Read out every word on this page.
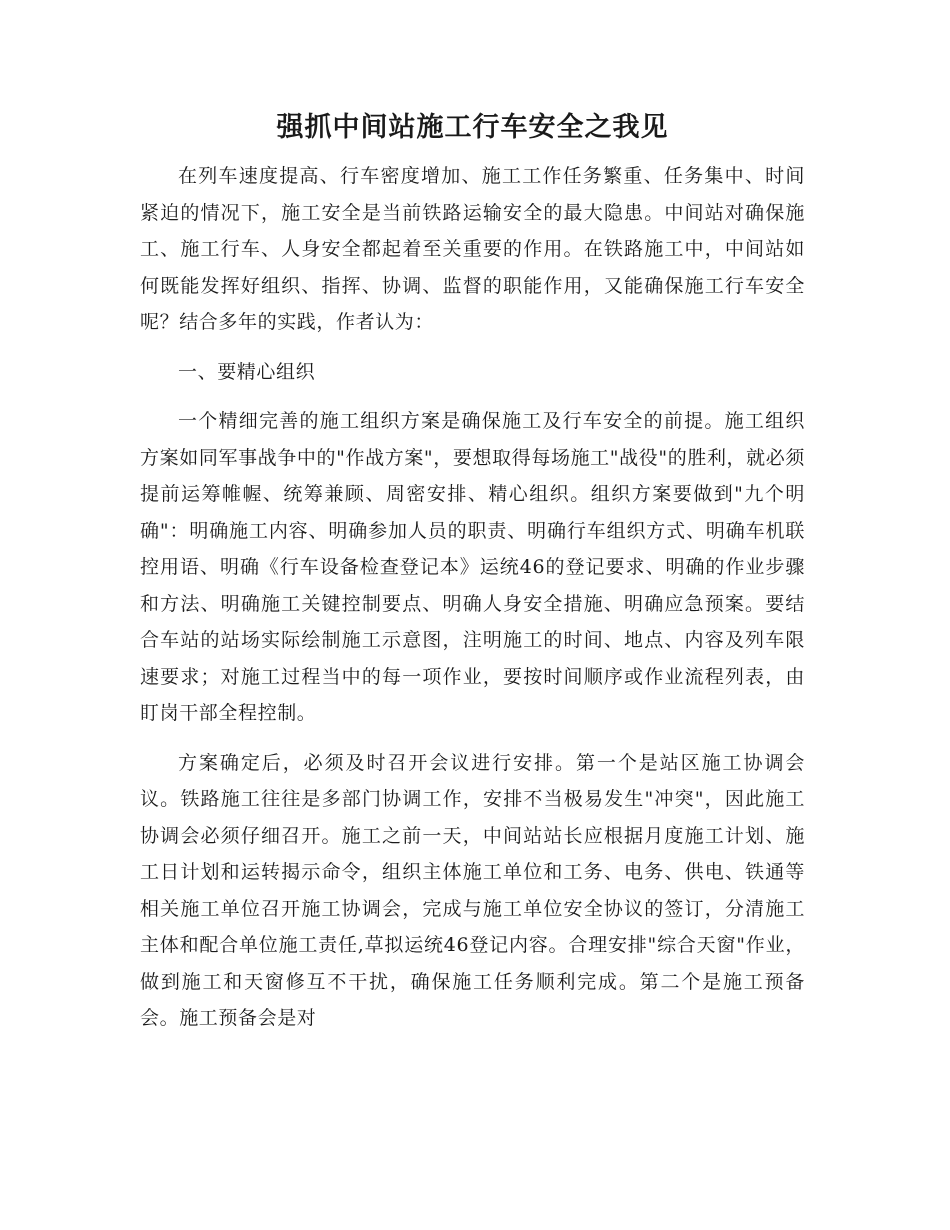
强抓中间站施工行车安全之我见

在列车速度提高、行车密度增加、施工工作任务繁重、任务集中、时间紧迫的情况下，施工安全是当前铁路运输安全的最大隐患。中间站对确保施工、施工行车、人身安全都起着至关重要的作用。在铁路施工中，中间站如何既能发挥好组织、指挥、协调、监督的职能作用，又能确保施工行车安全呢？结合多年的实践，作者认为：

一、要精心组织

一个精细完善的施工组织方案是确保施工及行车安全的前提。施工组织方案如同军事战争中的"作战方案"，要想取得每场施工"战役"的胜利，就必须提前运筹帷幄、统筹兼顾、周密安排、精心组织。组织方案要做到"九个明确"：明确施工内容、明确参加人员的职责、明确行车组织方式、明确车机联控用语、明确《行车设备检查登记本》运统46的登记要求、明确的作业步骤和方法、明确施工关键控制要点、明确人身安全措施、明确应急预案。要结合车站的站场实际绘制施工示意图，注明施工的时间、地点、内容及列车限速要求；对施工过程当中的每一项作业，要按时间顺序或作业流程列表，由盯岗干部全程控制。

方案确定后，必须及时召开会议进行安排。第一个是站区施工协调会议。铁路施工往往是多部门协调工作，安排不当极易发生"冲突"，因此施工协调会必须仔细召开。施工之前一天，中间站站长应根据月度施工计划、施工日计划和运转揭示命令，组织主体施工单位和工务、电务、供电、铁通等相关施工单位召开施工协调会，完成与施工单位安全协议的签订，分清施工主体和配合单位施工责任,草拟运统46登记内容。合理安排"综合天窗"作业，做到施工和天窗修互不干扰，确保施工任务顺利完成。第二个是施工预备会。施工预备会是对
